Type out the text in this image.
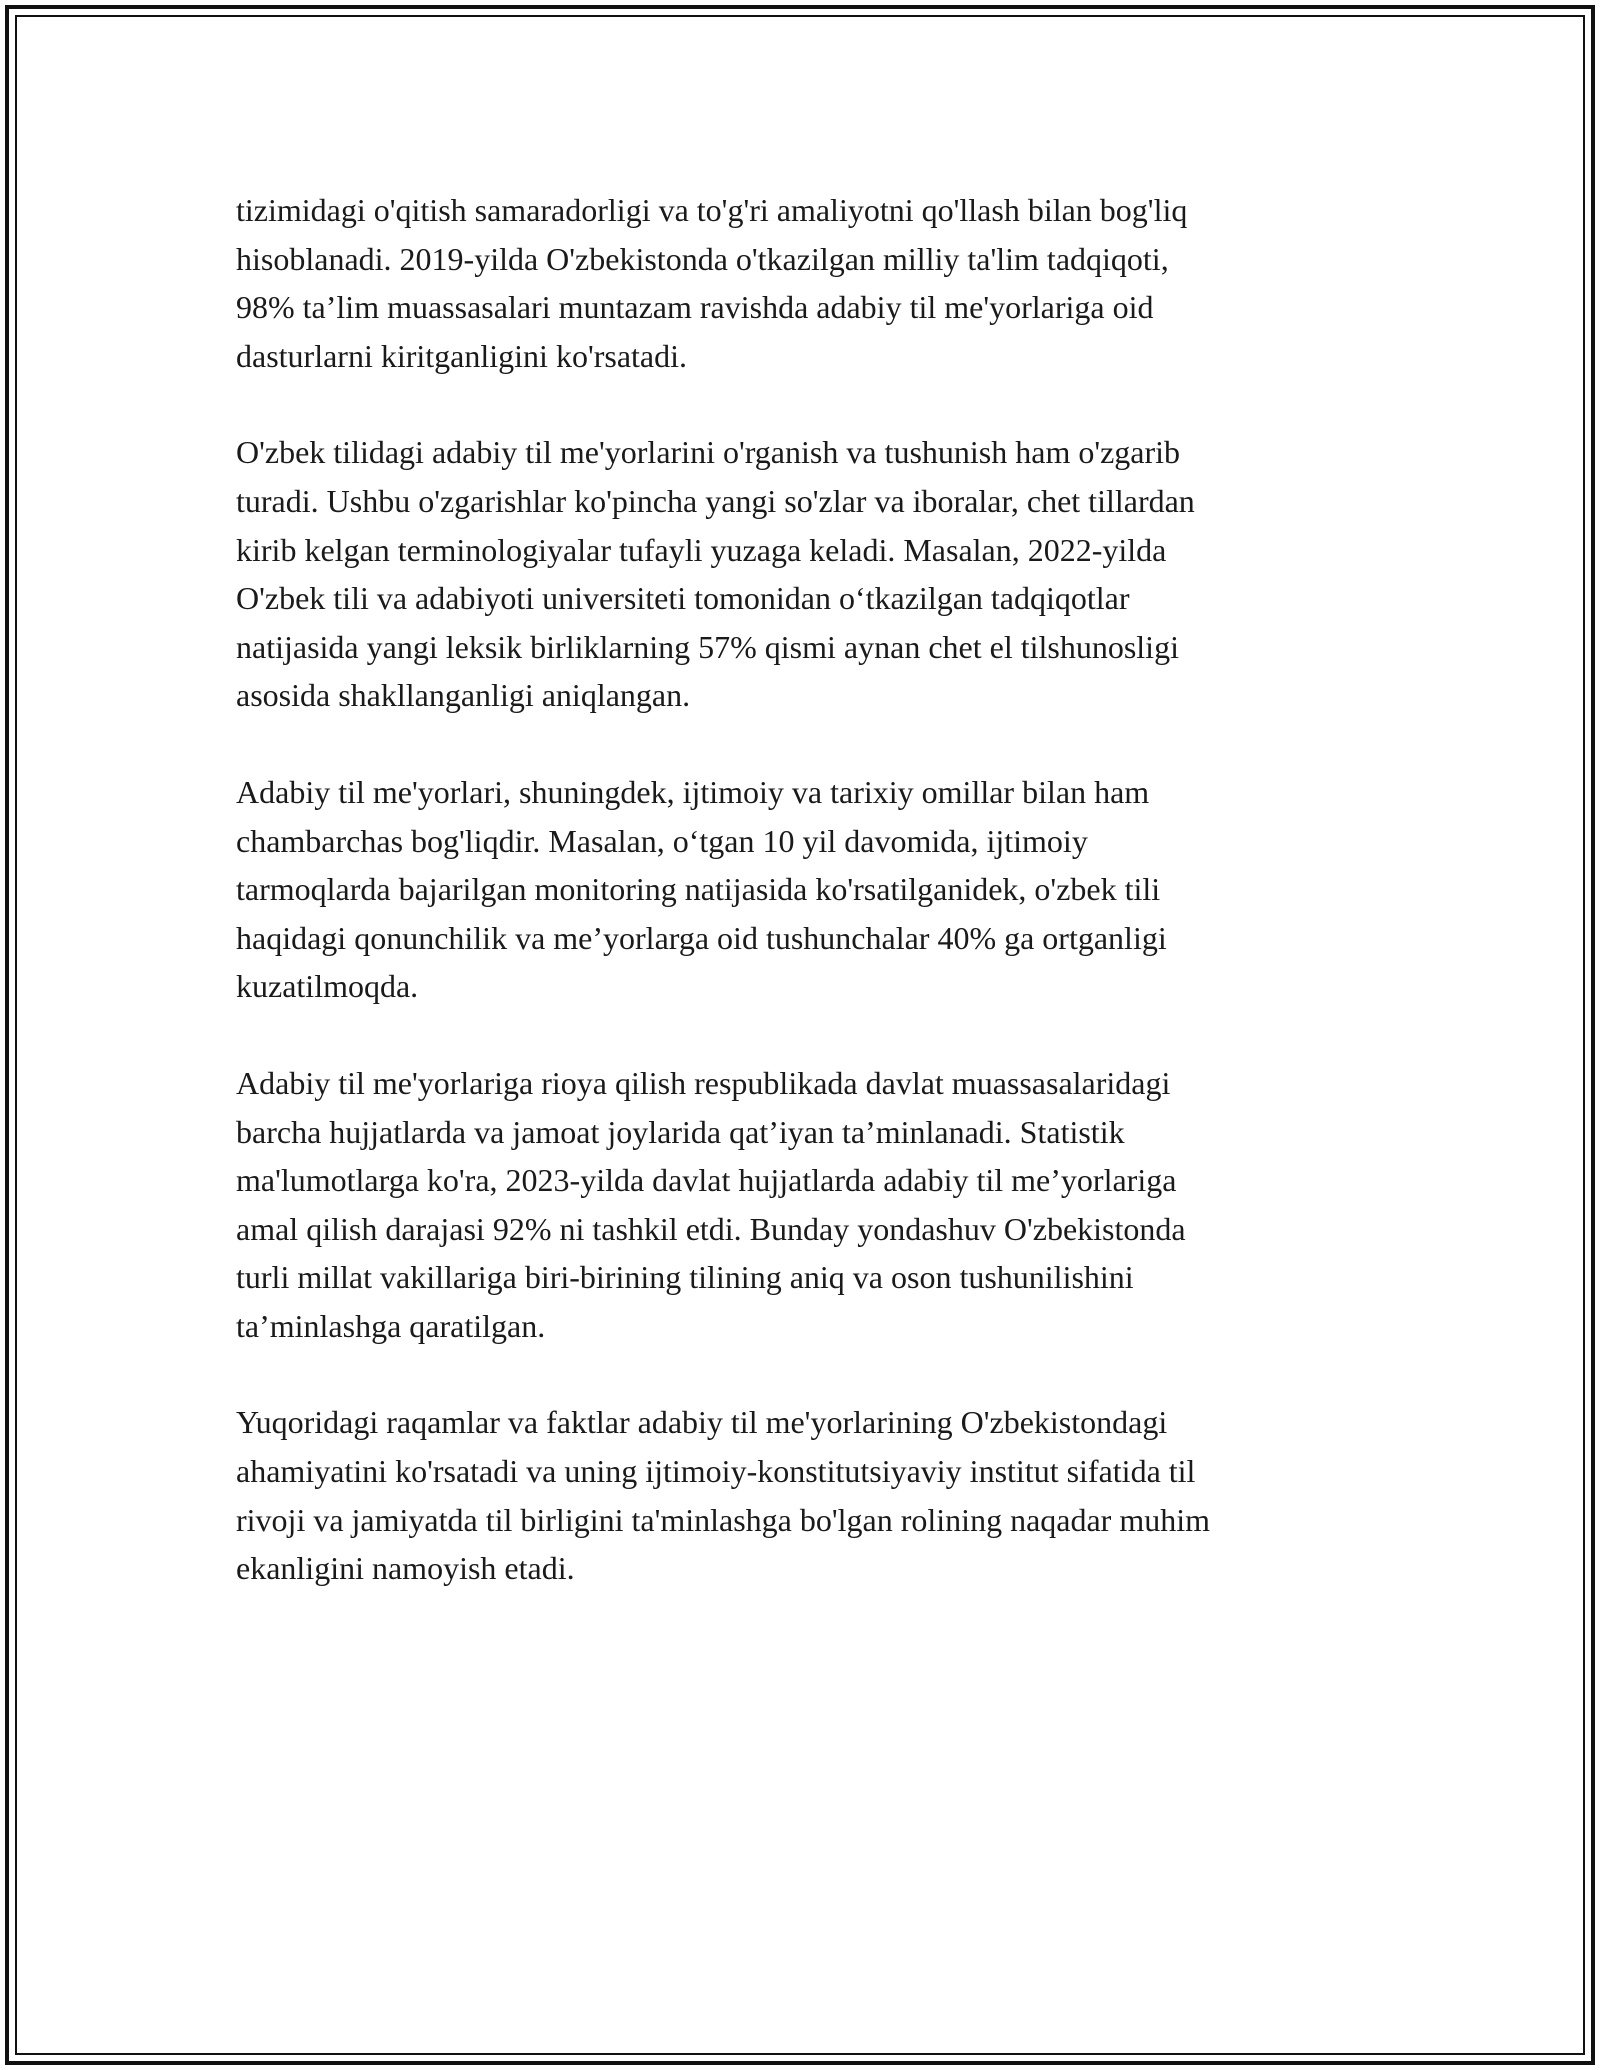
tizimidagi o'qitish samaradorligi va to'g'ri amaliyotni qo'llash bilan bog'liq
hisoblanadi. 2019-yilda O'zbekistonda o'tkazilgan milliy ta'lim tadqiqoti,
98% ta’lim muassasalari muntazam ravishda adabiy til me'yorlariga oid
dasturlarni kiritganligini ko'rsatadi.

O'zbek tilidagi adabiy til me'yorlarini o'rganish va tushunish ham o'zgarib
turadi. Ushbu o'zgarishlar ko'pincha yangi so'zlar va iboralar, chet tillardan
kirib kelgan terminologiyalar tufayli yuzaga keladi. Masalan, 2022-yilda
O'zbek tili va adabiyoti universiteti tomonidan o‘tkazilgan tadqiqotlar
natijasida yangi leksik birliklarning 57% qismi aynan chet el tilshunosligi
asosida shakllanganligi aniqlangan.

Adabiy til me'yorlari, shuningdek, ijtimoiy va tarixiy omillar bilan ham
chambarchas bog'liqdir. Masalan, o‘tgan 10 yil davomida, ijtimoiy
tarmoqlarda bajarilgan monitoring natijasida ko'rsatilganidek, o'zbek tili
haqidagi qonunchilik va me’yorlarga oid tushunchalar 40% ga ortganligi
kuzatilmoqda.

Adabiy til me'yorlariga rioya qilish respublikada davlat muassasalaridagi
barcha hujjatlarda va jamoat joylarida qat’iyan ta’minlanadi. Statistik
ma'lumotlarga ko'ra, 2023-yilda davlat hujjatlarda adabiy til me’yorlariga
amal qilish darajasi 92% ni tashkil etdi. Bunday yondashuv O'zbekistonda
turli millat vakillariga biri-birining tilining aniq va oson tushunilishini
ta’minlashga qaratilgan.

Yuqoridagi raqamlar va faktlar adabiy til me'yorlarining O'zbekistondagi
ahamiyatini ko'rsatadi va uning ijtimoiy-konstitutsiyaviy institut sifatida til
rivoji va jamiyatda til birligini ta'minlashga bo'lgan rolining naqadar muhim
ekanligini namoyish etadi.
